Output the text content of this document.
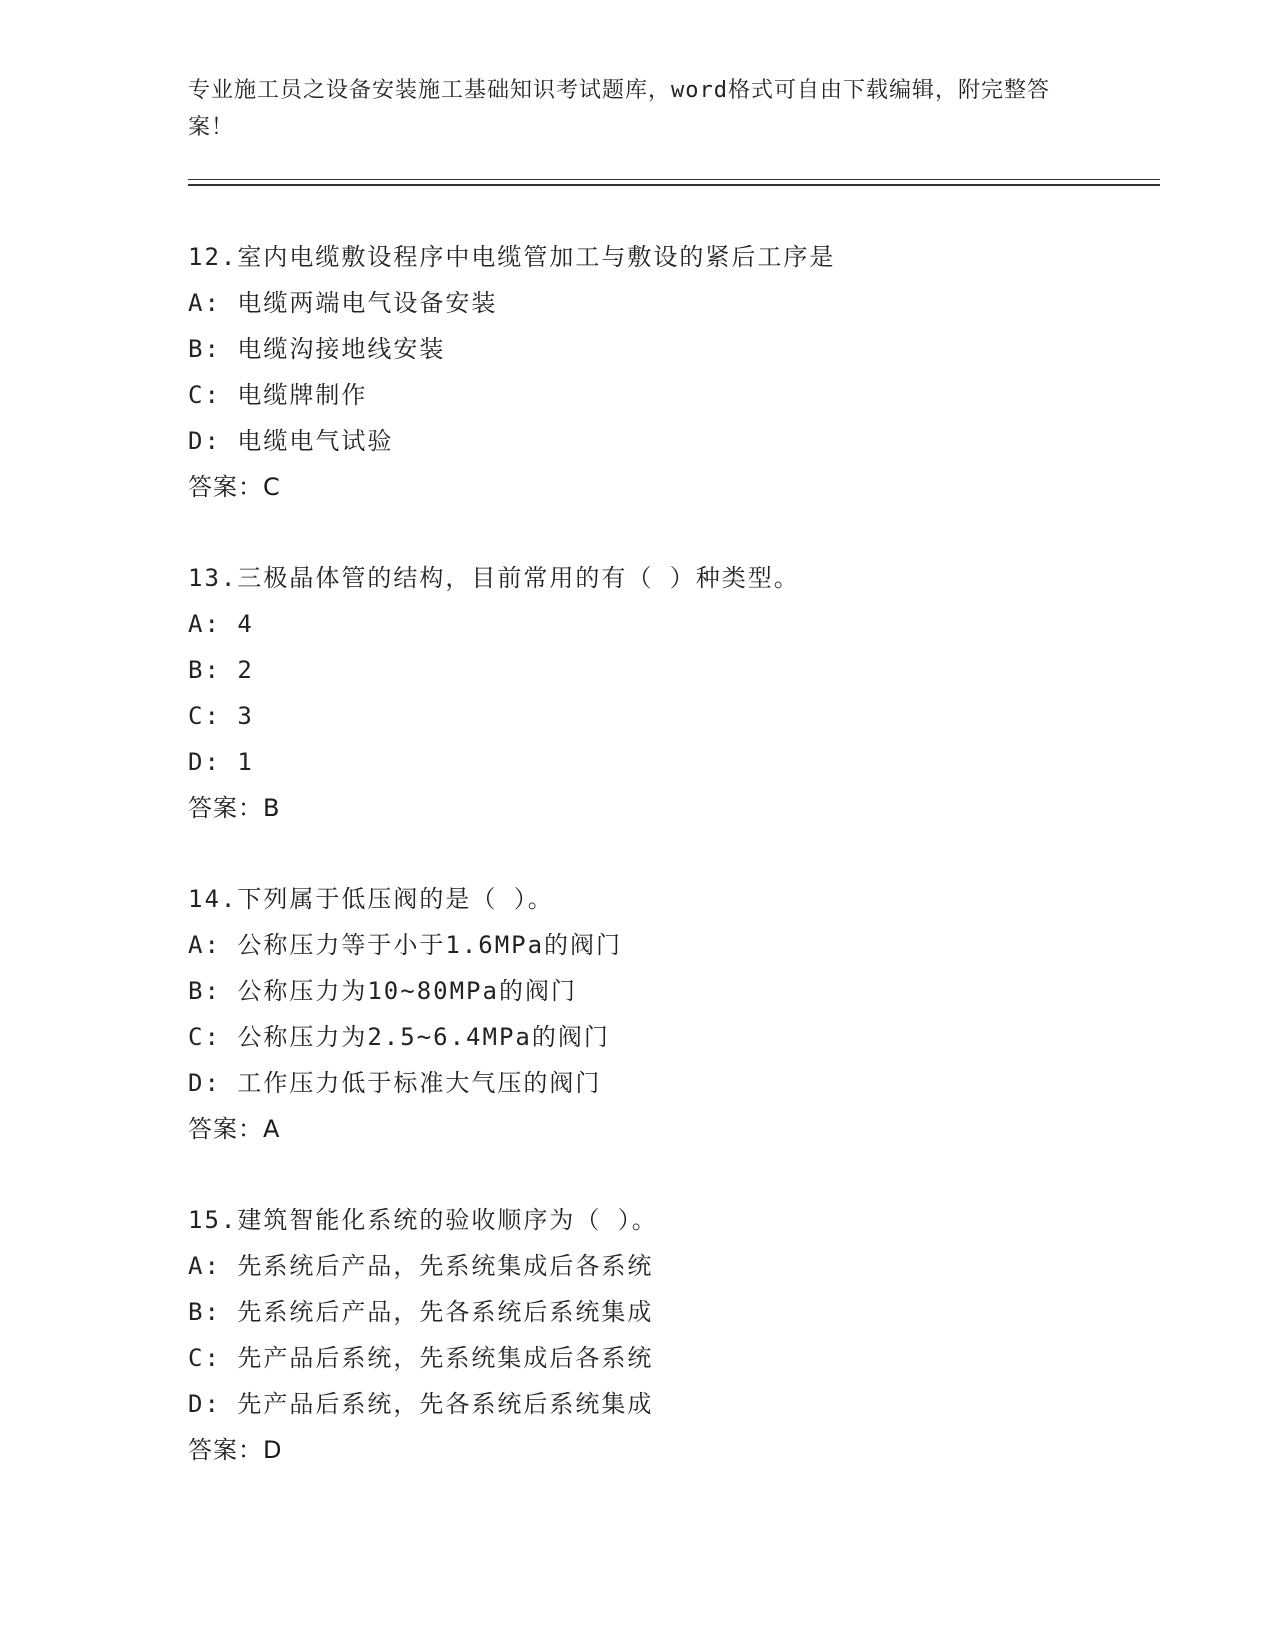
专业施工员之设备安装施工基础知识考试题库，word格式可自由下载编辑，附完整答案！
12.室内电缆敷设程序中电缆管加工与敷设的紧后工序是
A: 电缆两端电气设备安装
B: 电缆沟接地线安装
C: 电缆牌制作
D: 电缆电气试验
答案：C
13.三极晶体管的结构，目前常用的有（ ）种类型。
A: 4
B: 2
C: 3
D: 1
答案：B
14.下列属于低压阀的是（ ）。
A: 公称压力等于小于1.6MPa的阀门
B: 公称压力为10~80MPa的阀门
C: 公称压力为2.5~6.4MPa的阀门
D: 工作压力低于标准大气压的阀门
答案：A
15.建筑智能化系统的验收顺序为（ ）。
A: 先系统后产品，先系统集成后各系统
B: 先系统后产品，先各系统后系统集成
C: 先产品后系统，先系统集成后各系统
D: 先产品后系统，先各系统后系统集成
答案：D
